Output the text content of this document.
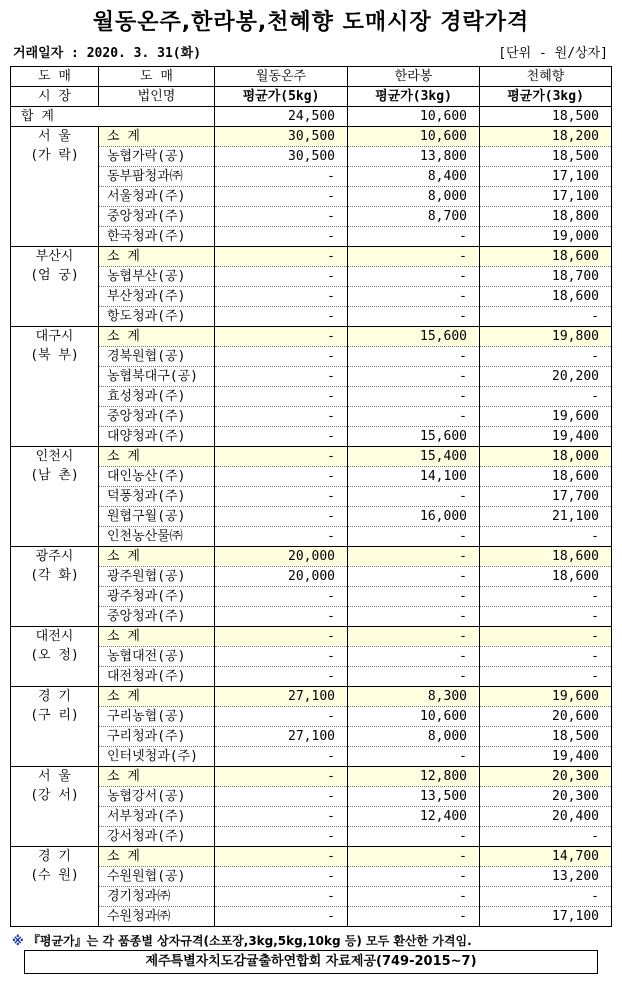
월동온주,한라봉,천혜향 도매시장 경락가격
거래일자 : 2020. 3. 31(화)	[단위 - 원/상자]
도 매	도 매	월동온주	한라봉	천혜향
시 장	법인명	평균가(5kg)	평균가(3kg)	평균가(3kg)
합 계		24,500	10,600	18,500

서 울
(가 락)	소 계	30,500	10,600	18,200
	농협가락(공)	30,500	13,800	18,500
	동부팜청과㈜	-	8,400	17,100
	서울청과(주)	-	8,000	17,100
	중앙청과(주)	-	8,700	18,800
	한국청과(주)	-	-	19,000

부산시
(엄 궁)	소 계	-	-	18,600
	농협부산(공)	-	-	18,700
	부산청과(주)	-	-	18,600
	항도청과(주)	-	-	-

대구시
(북 부)	소 계	-	15,600	19,800
	경북원협(공)	-	-	-
	농협북대구(공)	-	-	20,200
	효성청과(주)	-	-	-
	중앙청과(주)	-	-	19,600
	대양청과(주)	-	15,600	19,400

인천시
(남 촌)	소 계	-	15,400	18,000
	대인농산(주)	-	14,100	18,600
	덕풍청과(주)	-	-	17,700
	원협구월(공)	-	16,000	21,100
	인천농산물㈜	-	-	-

광주시
(각 화)	소 계	20,000	-	18,600
	광주원협(공)	20,000	-	18,600
	광주청과(주)	-	-	-
	중앙청과(주)	-	-	-

대전시
(오 정)	소 계	-	-	-
	농협대전(공)	-	-	-
	대전청과(주)	-	-	-

경 기
(구 리)	소 계	27,100	8,300	19,600
	구리농협(공)	-	10,600	20,600
	구리청과(주)	27,100	8,000	18,500
	인터넷청과(주)	-	-	19,400

서 울
(강 서)	소 계	-	12,800	20,300
	농협강서(공)	-	13,500	20,300
	서부청과(주)	-	12,400	20,400
	강서청과(주)	-	-	-

경 기
(수 원)	소 계	-	-	14,700
	수원원협(공)	-	-	13,200
	경기청과㈜	-	-	-
	수원청과㈜	-	-	17,100
※ 『평균가』는 각 품종별 상자규격(소포장,3kg,5kg,10kg 등) 모두 환산한 가격임.
제주특별자치도감귤출하연합회 자료제공(749-2015~7)
